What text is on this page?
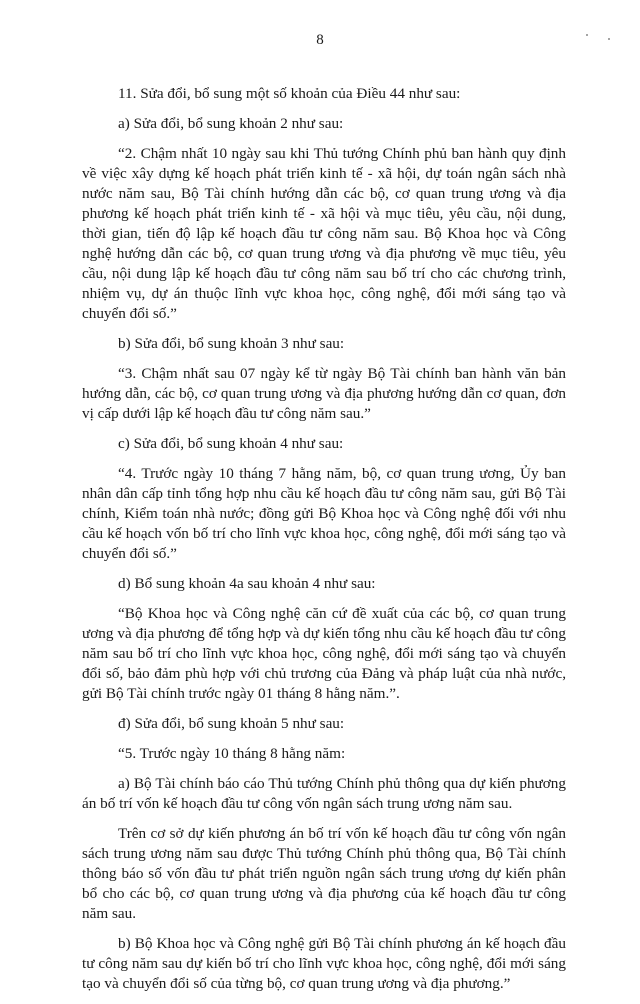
8

11. Sửa đổi, bổ sung một số khoản của Điều 44 như sau:

a) Sửa đổi, bổ sung khoản 2 như sau:

“2. Chậm nhất 10 ngày sau khi Thủ tướng Chính phủ ban hành quy định về việc xây dựng kế hoạch phát triển kinh tế - xã hội, dự toán ngân sách nhà nước năm sau, Bộ Tài chính hướng dẫn các bộ, cơ quan trung ương và địa phương kế hoạch phát triển kinh tế - xã hội và mục tiêu, yêu cầu, nội dung, thời gian, tiến độ lập kế hoạch đầu tư công năm sau. Bộ Khoa học và Công nghệ hướng dẫn các bộ, cơ quan trung ương và địa phương về mục tiêu, yêu cầu, nội dung lập kế hoạch đầu tư công năm sau bố trí cho các chương trình, nhiệm vụ, dự án thuộc lĩnh vực khoa học, công nghệ, đổi mới sáng tạo và chuyển đổi số.”

b) Sửa đổi, bổ sung khoản 3 như sau:

“3. Chậm nhất sau 07 ngày kể từ ngày Bộ Tài chính ban hành văn bản hướng dẫn, các bộ, cơ quan trung ương và địa phương hướng dẫn cơ quan, đơn vị cấp dưới lập kế hoạch đầu tư công năm sau.”

c) Sửa đổi, bổ sung khoản 4 như sau:

“4. Trước ngày 10 tháng 7 hằng năm, bộ, cơ quan trung ương, Ủy ban nhân dân cấp tỉnh tổng hợp nhu cầu kế hoạch đầu tư công năm sau, gửi Bộ Tài chính, Kiểm toán nhà nước; đồng gửi Bộ Khoa học và Công nghệ đối với nhu cầu kế hoạch vốn bố trí cho lĩnh vực khoa học, công nghệ, đổi mới sáng tạo và chuyển đổi số.”

d) Bổ sung khoản 4a sau khoản 4 như sau:

“Bộ Khoa học và Công nghệ căn cứ đề xuất của các bộ, cơ quan trung ương và địa phương để tổng hợp và dự kiến tổng nhu cầu kế hoạch đầu tư công năm sau bố trí cho lĩnh vực khoa học, công nghệ, đổi mới sáng tạo và chuyển đổi số, bảo đảm phù hợp với chủ trương của Đảng và pháp luật của nhà nước, gửi Bộ Tài chính trước ngày 01 tháng 8 hằng năm.”.

đ) Sửa đổi, bổ sung khoản 5 như sau:

“5. Trước ngày 10 tháng 8 hằng năm:

a) Bộ Tài chính báo cáo Thủ tướng Chính phủ thông qua dự kiến phương án bố trí vốn kế hoạch đầu tư công vốn ngân sách trung ương năm sau.

Trên cơ sở dự kiến phương án bố trí vốn kế hoạch đầu tư công vốn ngân sách trung ương năm sau được Thủ tướng Chính phủ thông qua, Bộ Tài chính thông báo số vốn đầu tư phát triển nguồn ngân sách trung ương dự kiến phân bổ cho các bộ, cơ quan trung ương và địa phương của kế hoạch đầu tư công năm sau.

b) Bộ Khoa học và Công nghệ gửi Bộ Tài chính phương án kế hoạch đầu tư công năm sau dự kiến bố trí cho lĩnh vực khoa học, công nghệ, đổi mới sáng tạo và chuyển đổi số của từng bộ, cơ quan trung ương và địa phương.”
